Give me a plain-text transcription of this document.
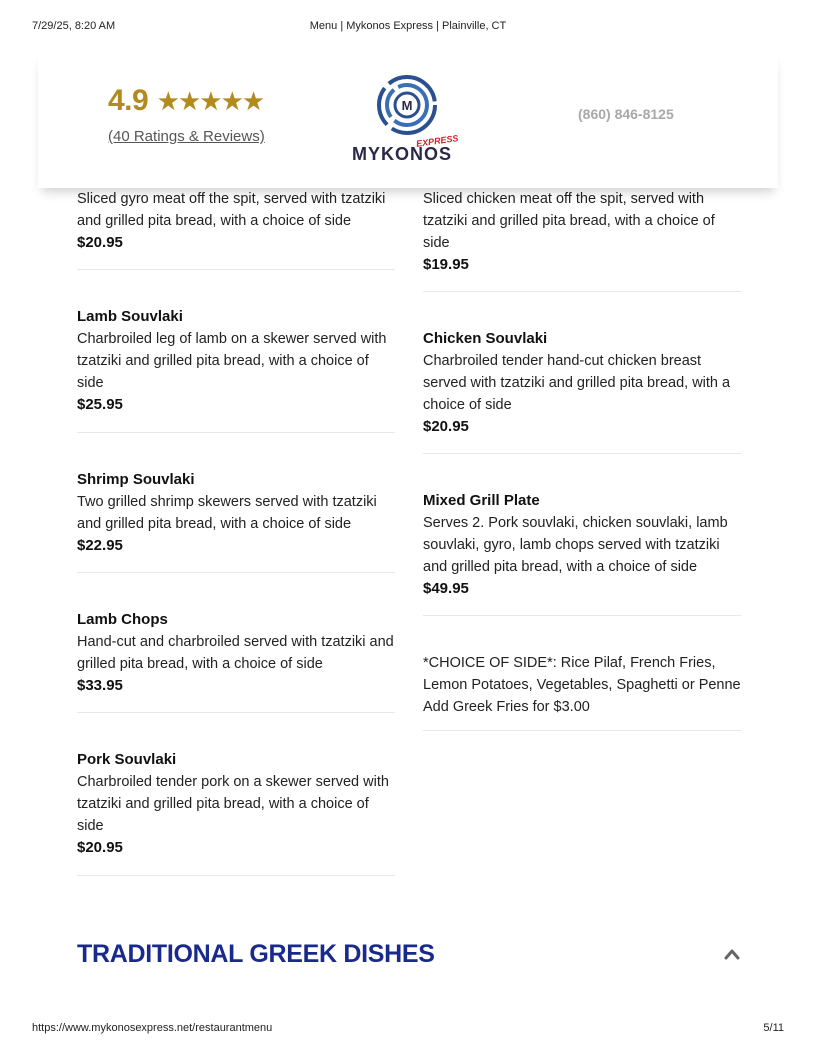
7/29/25, 8:20 AM	Menu | Mykonos Express | Plainville, CT
4.9 ★★★★★
(40 Ratings & Reviews)
M
EXPRESS
MYKONOS
(860) 846-8125
Sliced gyro meat off the spit, served with tzatziki and grilled pita bread, with a choice of side
$20.95
Lamb Souvlaki
Charbroiled leg of lamb on a skewer served with tzatziki and grilled pita bread, with a choice of side
$25.95
Shrimp Souvlaki
Two grilled shrimp skewers served with tzatziki and grilled pita bread, with a choice of side
$22.95
Lamb Chops
Hand-cut and charbroiled served with tzatziki and grilled pita bread, with a choice of side
$33.95
Pork Souvlaki
Charbroiled tender pork on a skewer served with tzatziki and grilled pita bread, with a choice of side
$20.95
Sliced chicken meat off the spit, served with tzatziki and grilled pita bread, with a choice of side
$19.95
Chicken Souvlaki
Charbroiled tender hand-cut chicken breast served with tzatziki and grilled pita bread, with a choice of side
$20.95
Mixed Grill Plate
Serves 2. Pork souvlaki, chicken souvlaki, lamb souvlaki, gyro, lamb chops served with tzatziki and grilled pita bread, with a choice of side
$49.95
*CHOICE OF SIDE*: Rice Pilaf, French Fries, Lemon Potatoes, Vegetables, Spaghetti or Penne
Add Greek Fries for $3.00
TRADITIONAL GREEK DISHES
https://www.mykonosexpress.net/restaurantmenu	5/11
